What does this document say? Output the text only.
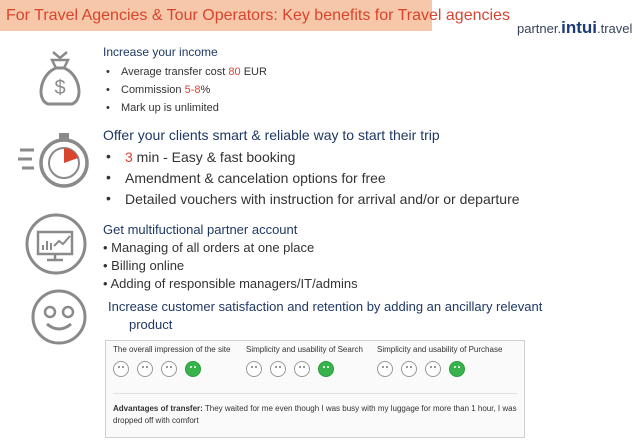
For Travel Agencies & Tour Operators: Key benefits for Travel agencies
partner.intui.travel
$
Increase your income
• Average transfer cost 80 EUR
• Commission 5-8%
• Mark up is unlimited
Offer your clients smart & reliable way to start their trip
• 3 min - Easy & fast booking
• Amendment & cancelation options for free
• Detailed vouchers with instruction for arrival and/or or departure
Get multifuctional partner account
• Managing of all orders at one place
• Billing online
• Adding of responsible managers/IT/admins
Increase customer satisfaction and retention by adding an ancillary relevant
product
The overall impression of the site Simplicity and usability of Search Simplicity and usability of Purchase
Advantages of transfer: They waited for me even though I was busy with my luggage for more than 1 hour, I was dropped off with comfort
